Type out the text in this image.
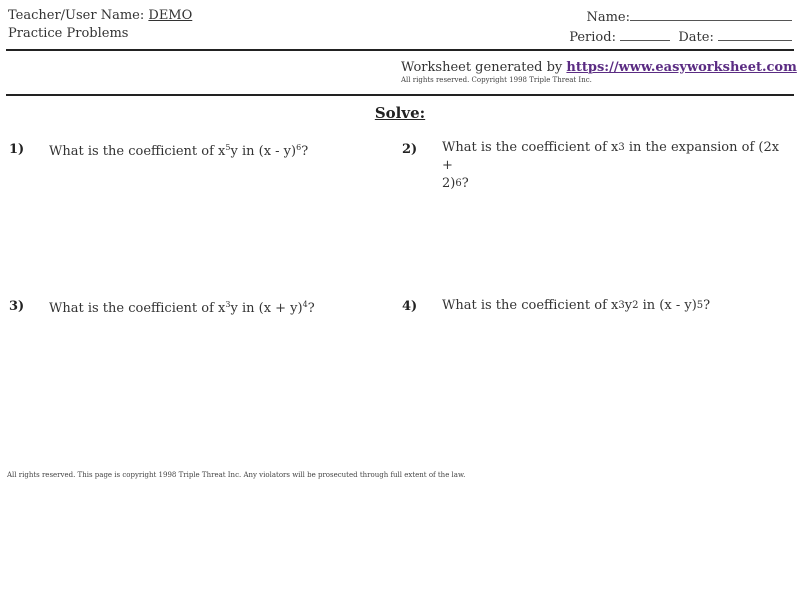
Teacher/User Name: DEMO
Practice Problems
Name:
Period:	Date:
Worksheet generated by https://www.easyworksheet.com
All rights reserved. Copyright 1998 Triple Threat Inc.
Solve:
1) What is the coefficient of $x^5y$ in (x - y)$^6$?	2) What is the coefficient of $x^3$ in the expansion of (2x +
2)$^6$?
3) What is the coefficient of $x^3y$ in $(x + y)^4$?	4) What is the coefficient of $x^3y^2$ in (x - y)$^5$?
All rights reserved. This page is copyright 1998 Triple Threat Inc. Any violators will be prosecuted through full extent of the law.
